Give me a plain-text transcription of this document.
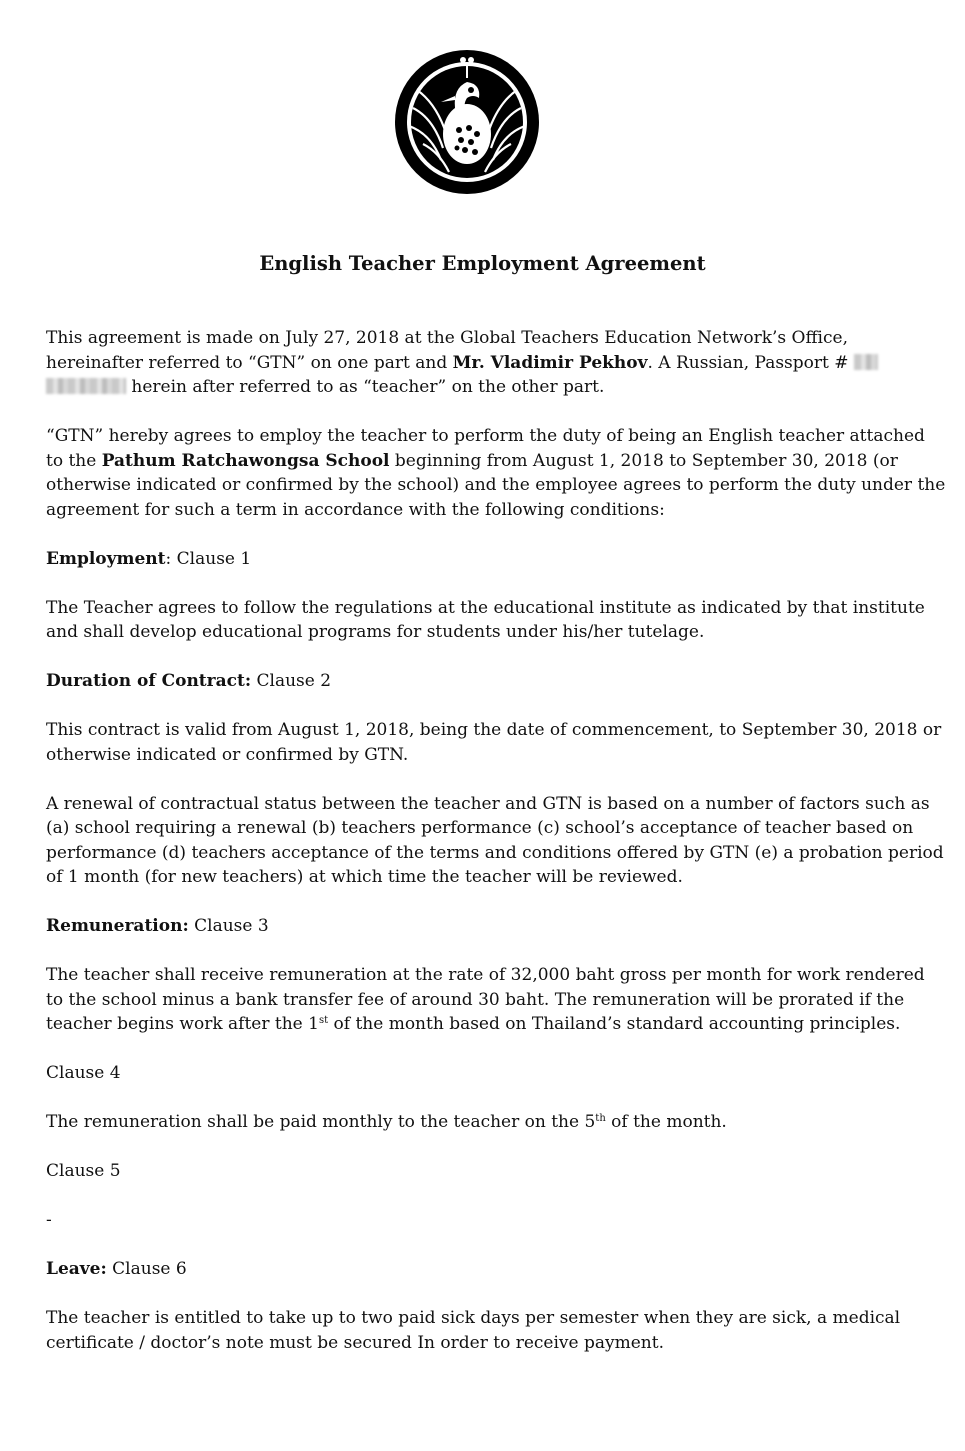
English Teacher Employment Agreement

This agreement is made on July 27, 2018 at the Global Teachers Education Network’s Office, hereinafter referred to “GTN” on one part and Mr. Vladimir Pekhov. A Russian, Passport #
herein after referred to as “teacher” on the other part.

“GTN” hereby agrees to employ the teacher to perform the duty of being an English teacher attached to the Pathum Ratchawongsa School beginning from August 1, 2018 to September 30, 2018 (or otherwise indicated or confirmed by the school) and the employee agrees to perform the duty under the agreement for such a term in accordance with the following conditions:

Employment: Clause 1

The Teacher agrees to follow the regulations at the educational institute as indicated by that institute and shall develop educational programs for students under his/her tutelage.

Duration of Contract: Clause 2

This contract is valid from August 1, 2018, being the date of commencement, to September 30, 2018 or otherwise indicated or confirmed by GTN.

A renewal of contractual status between the teacher and GTN is based on a number of factors such as (a) school requiring a renewal (b) teachers performance (c) school’s acceptance of teacher based on performance (d) teachers acceptance of the terms and conditions offered by GTN (e) a probation period of 1 month (for new teachers) at which time the teacher will be reviewed.

Remuneration: Clause 3

The teacher shall receive remuneration at the rate of 32,000 baht gross per month for work rendered to the school minus a bank transfer fee of around 30 baht. The remuneration will be prorated if the teacher begins work after the 1st of the month based on Thailand’s standard accounting principles.

Clause 4

The remuneration shall be paid monthly to the teacher on the 5th of the month.

Clause 5

-

Leave: Clause 6

The teacher is entitled to take up to two paid sick days per semester when they are sick, a medical certificate / doctor’s note must be secured In order to receive payment.
